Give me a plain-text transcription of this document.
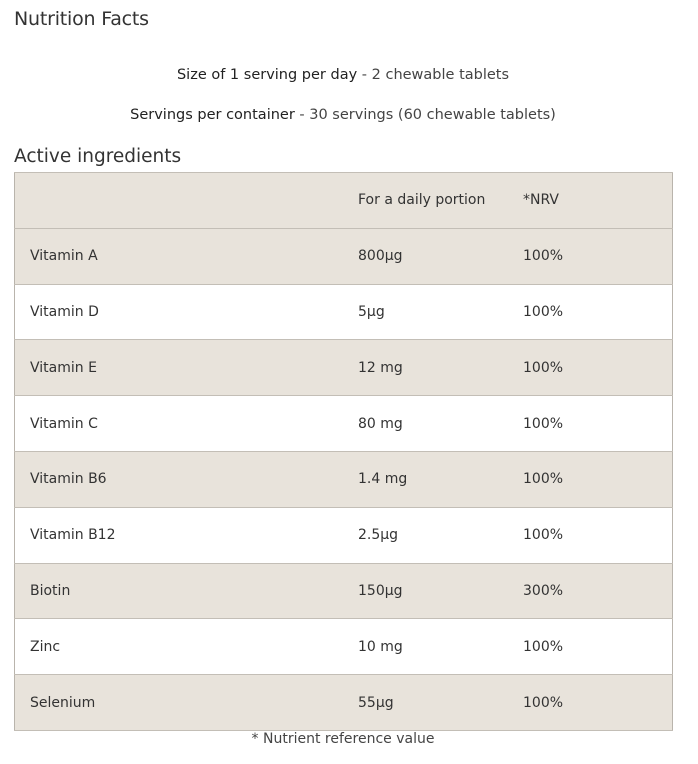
Nutrition Facts
Size of 1 serving per day - 2 chewable tablets
Servings per container - 30 servings (60 chewable tablets)
Active ingredients
	For a daily portion	*NRV
Vitamin A	800µg	100%
Vitamin D	5µg	100%
Vitamin E	12 mg	100%
Vitamin C	80 mg	100%
Vitamin B6	1.4 mg	100%
Vitamin B12	2.5µg	100%
Biotin	150µg	300%
Zinc	10 mg	100%
Selenium	55µg	100%
* Nutrient reference value
